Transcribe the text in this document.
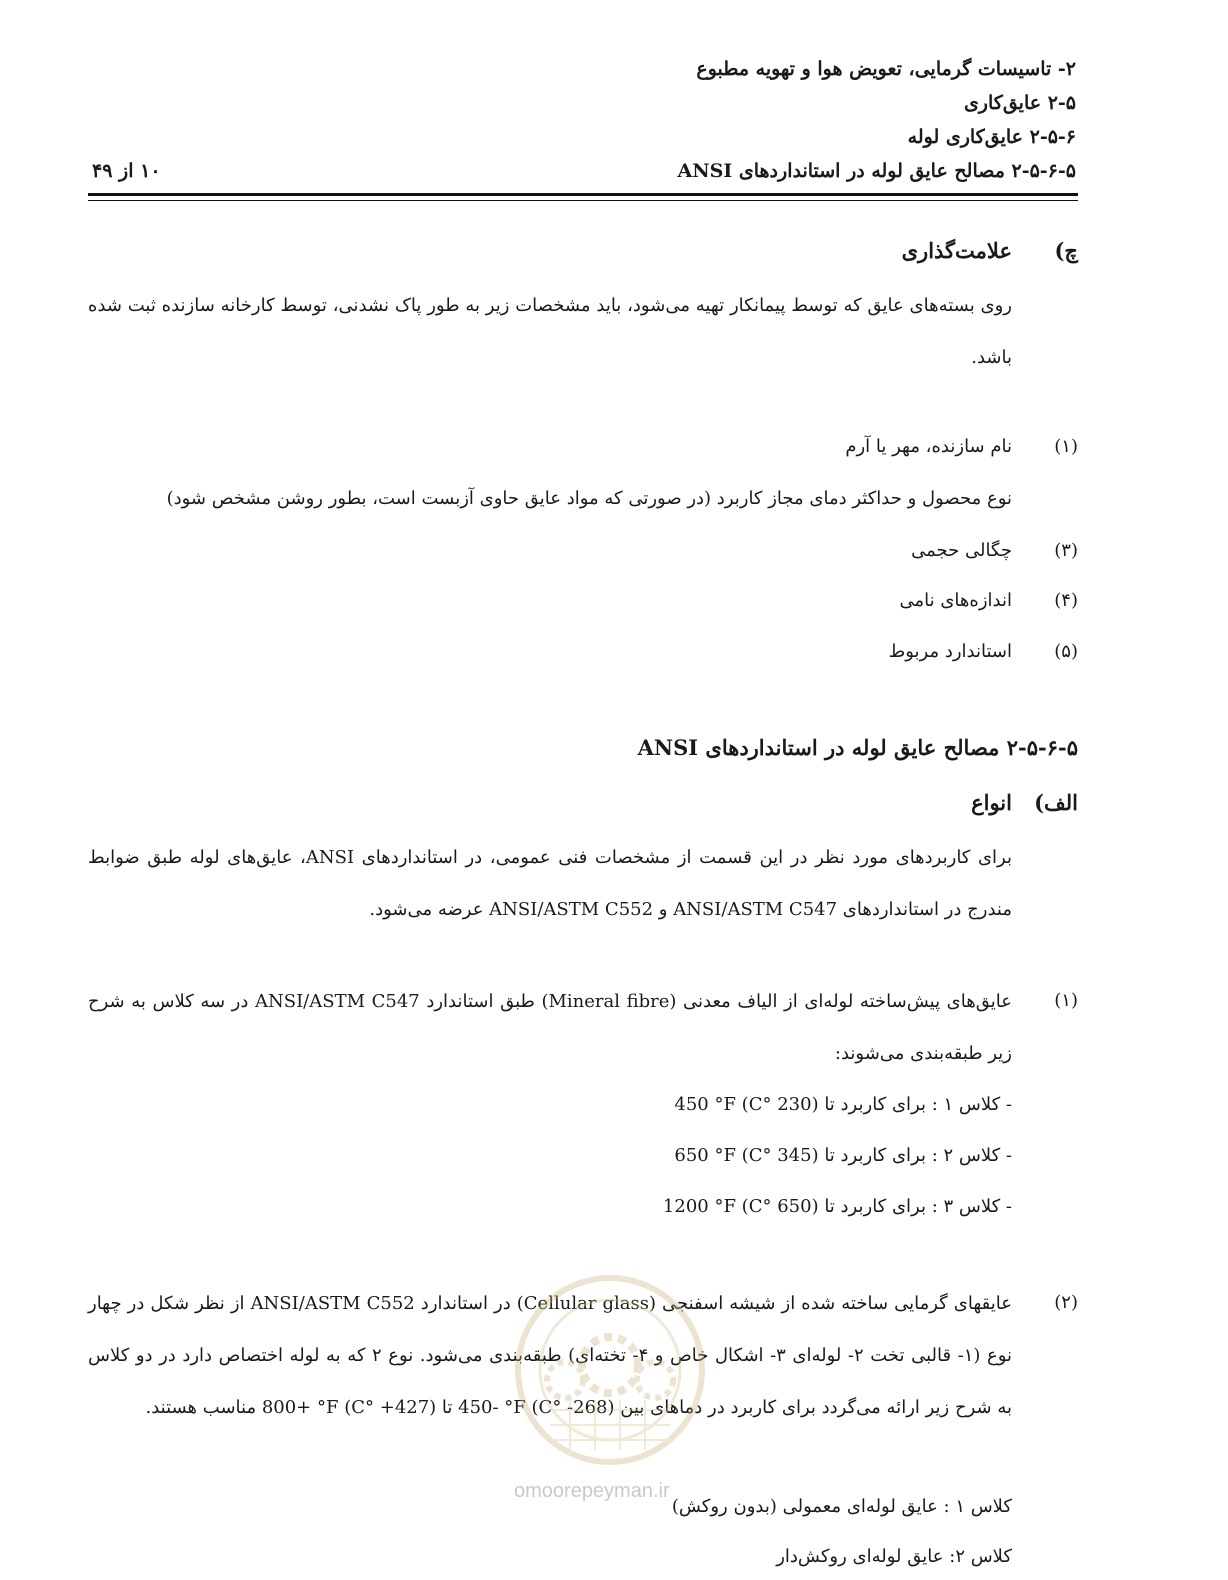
۲- تاسیسات گرمایی، تعویض هوا و تهویه مطبوع
۲-۵ عایق‌کاری
۲-۵-۶ عایق‌کاری لوله
۲-۵-۶-۵ مصالح عایق لوله در استانداردهای ANSI
۱۰ از ۴۹
چ)
علامت‌گذاری
روی بسته‌های عایق که توسط پیمانکار تهیه می‌شود، باید مشخصات زیر به طور پاک نشدنی، توسط کارخانه سازنده ثبت شده باشد.
(۱)
نام سازنده، مهر یا آرم
نوع محصول و حداکثر دمای مجاز کاربرد (در صورتی که مواد عایق حاوی آزبست است، بطور روشن مشخص شود)
(۳)
چگالی حجمی
(۴)
اندازه‌های نامی
(۵)
استاندارد مربوط
۲-۵-۶-۵ مصالح عایق لوله در استانداردهای ANSI
الف)
انواع
برای کاربردهای مورد نظر در این قسمت از مشخصات فنی عمومی، در استانداردهای ANSI، عایق‌های لوله طبق ضوابط مندرج در استانداردهای ANSI/ASTM C547 و ANSI/ASTM C552 عرضه می‌شود.
(۱)
عایق‌های پیش‌ساخته لوله‌ای از الیاف معدنی (Mineral fibre) طبق استاندارد ANSI/ASTM C547 در سه کلاس به شرح زیر طبقه‌بندی می‌شوند:
- کلاس ۱ : برای کاربرد تا (230 °C) 450 °F
- کلاس ۲ : برای کاربرد تا (345 °C) 650 °F
- کلاس ۳ : برای کاربرد تا (650 °C) 1200 °F
(۲)
عایقهای گرمایی ساخته شده از شیشه اسفنجی (Cellular glass) در استاندارد ANSI/ASTM C552 از نظر شکل در چهار نوع (۱- قالبی تخت ۲- لوله‌ای ۳- اشکال خاص و ۴- تخته‌ای) طبقه‌بندی می‌شود. نوع ۲ که به لوله اختصاص دارد در دو کلاس به شرح زیر ارائه می‌گردد برای کاربرد در دماهای بین (268- °C) 450- °F تا (427+ °C) 800+ °F مناسب هستند.
کلاس ۱ : عایق لوله‌ای معمولی (بدون روکش)
کلاس ۲: عایق لوله‌ای روکش‌دار
omoorepeyman.ir
